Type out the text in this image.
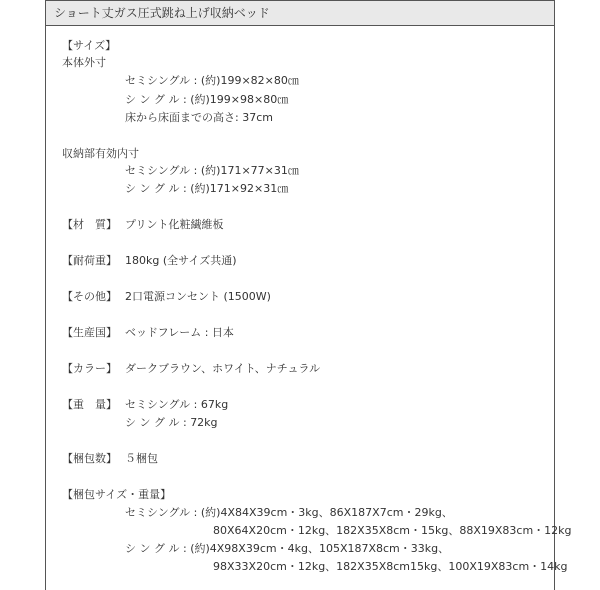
ショート丈ガス圧式跳ね上げ収納ベッド
【サイズ】
本体外寸
セミシングル : (約)199×82×80㎝
シ ン グ ル : (約)199×98×80㎝
床から床面までの高さ: 37cm
収納部有効内寸
セミシングル : (約)171×77×31㎝
シ ン グ ル : (約)171×92×31㎝
【材　質】 プリント化粧繊維板
【耐荷重】 180kg (全サイズ共通)
【その他】 2口電源コンセント (1500W)
【生産国】 ベッドフレーム : 日本
【カラー】 ダークブラウン、ホワイト、ナチュラル
【重　量】 セミシングル : 67kg
シ ン グ ル : 72kg
【梱包数】 ５梱包
【梱包サイズ・重量】
セミシングル : (約)4X84X39cm・3kg、86X187X7cm・29kg、
80X64X20cm・12kg、182X35X8cm・15kg、88X19X83cm・12kg
シ ン グ ル : (約)4X98X39cm・4kg、105X187X8cm・33kg、
98X33X20cm・12kg、182X35X8cm15kg、100X19X83cm・14kg
